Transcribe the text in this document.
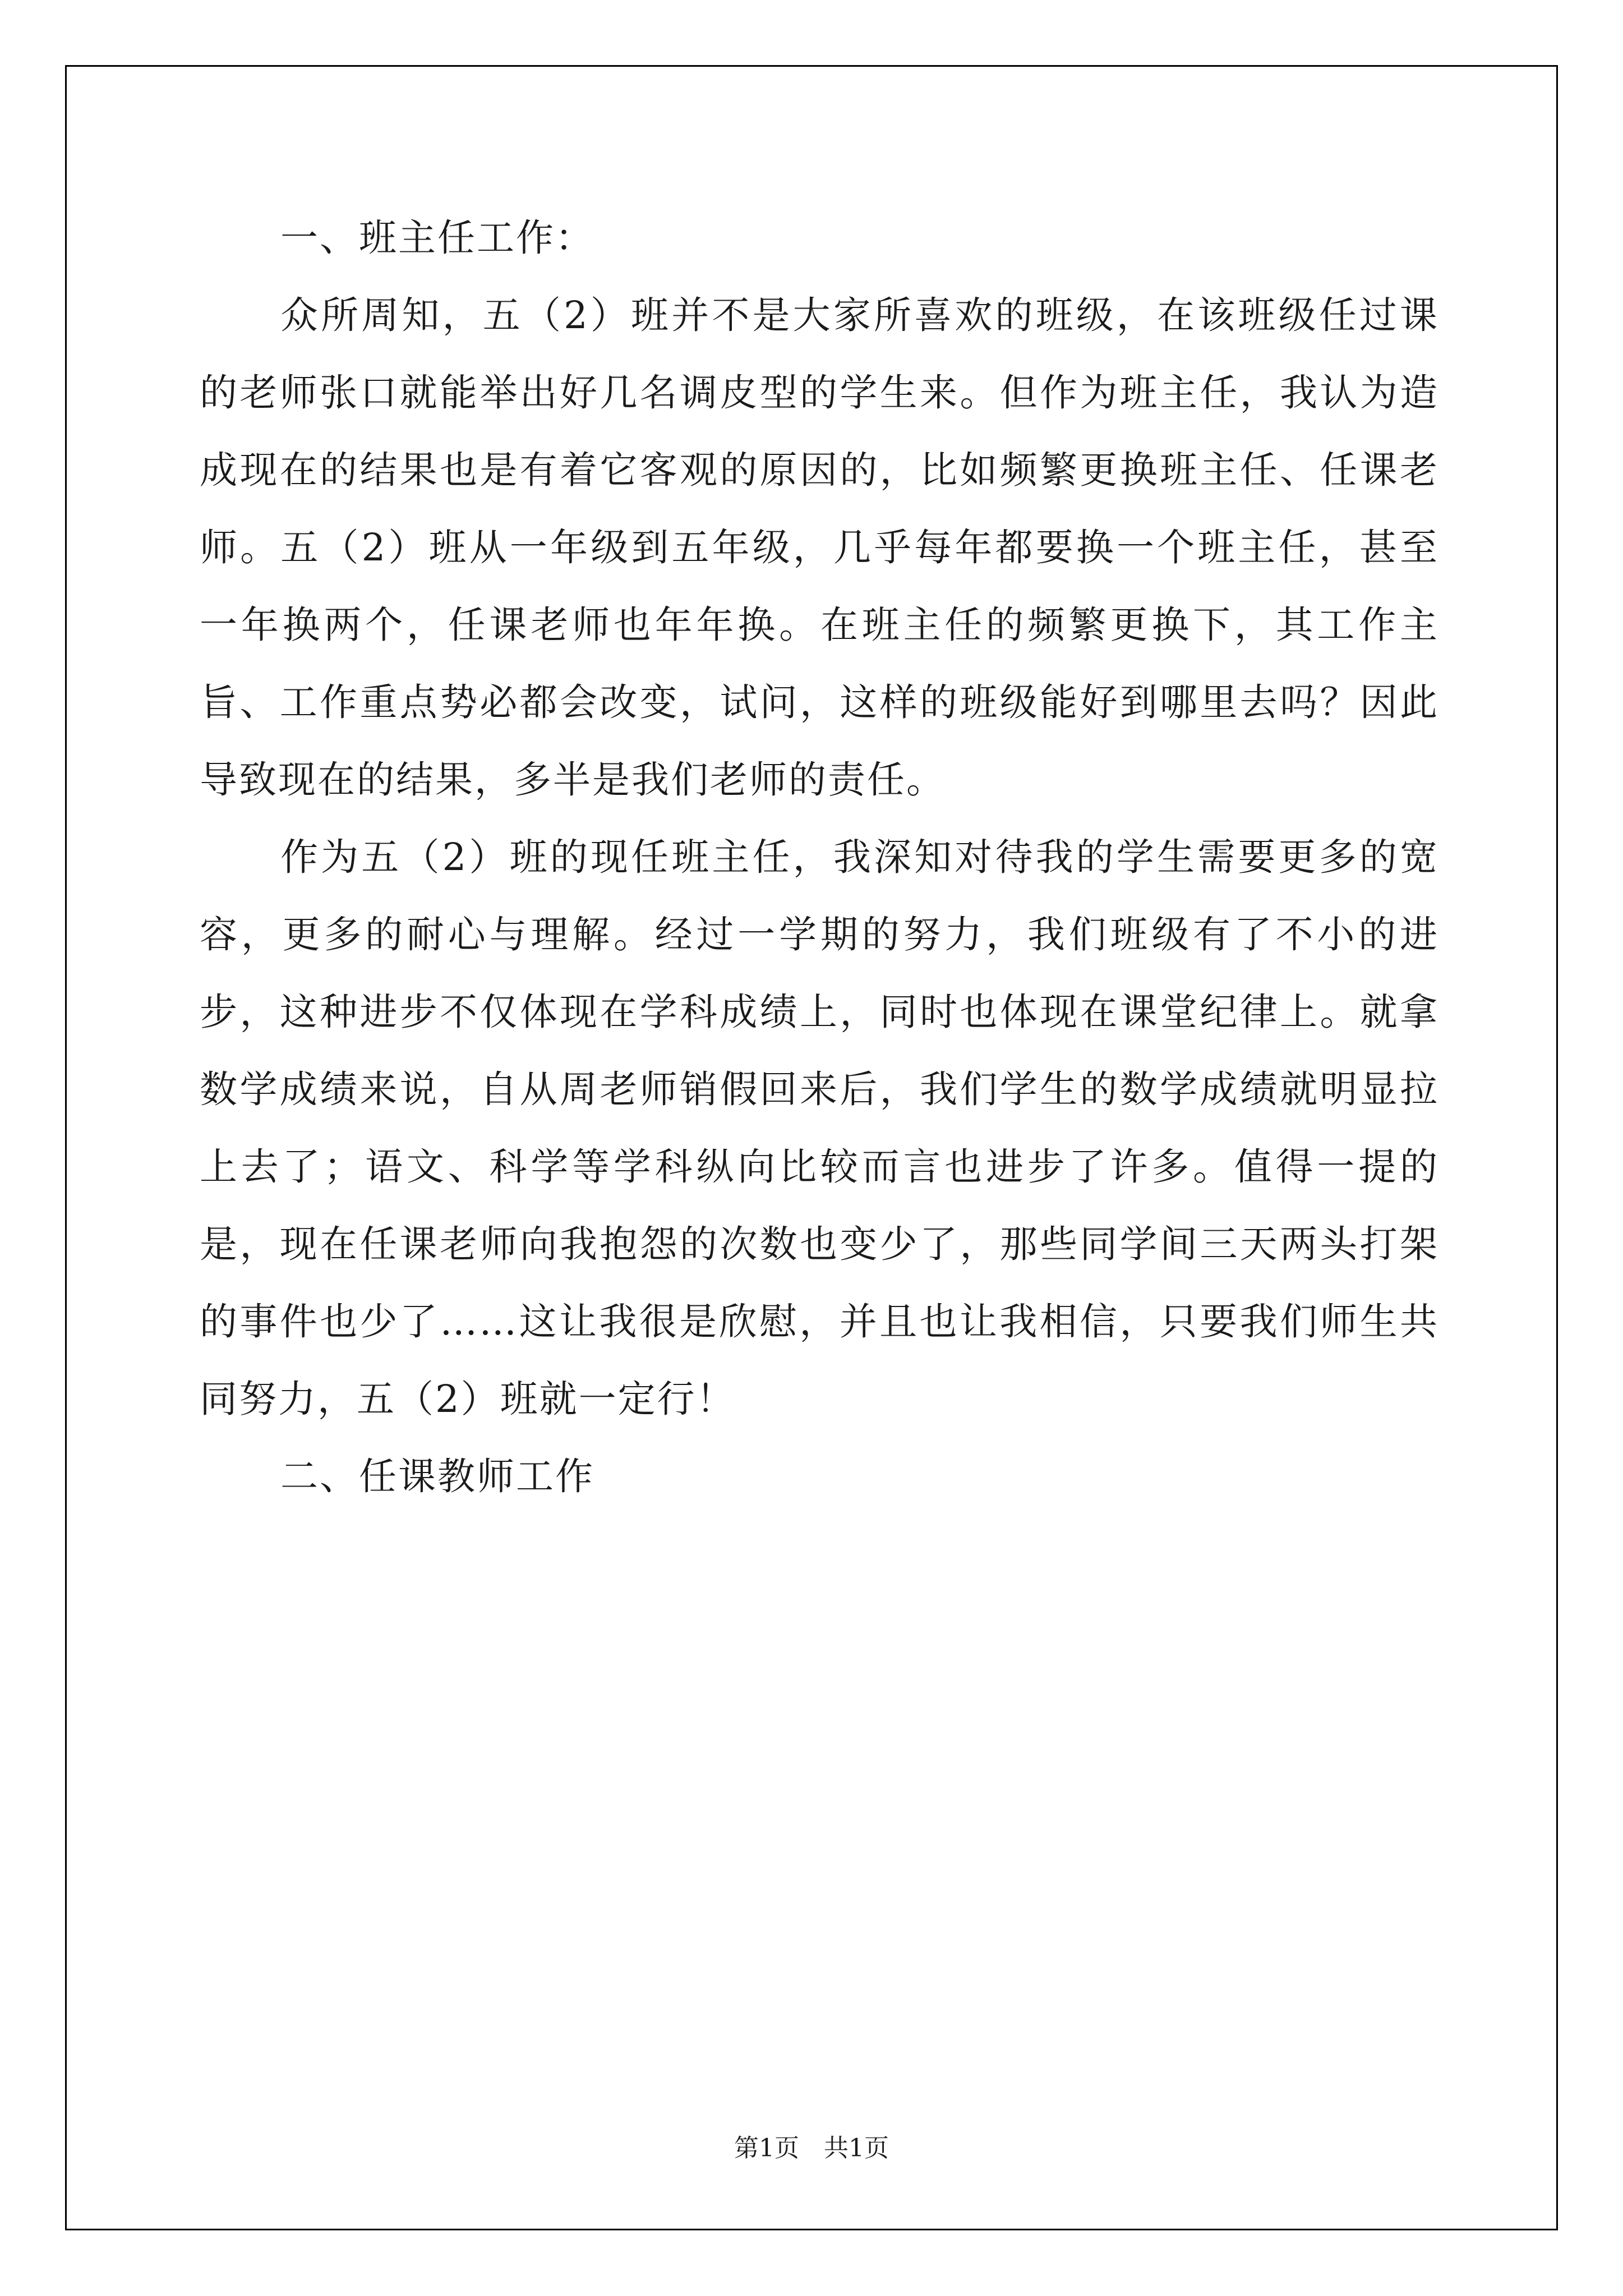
一、班主任工作：

众所周知，五（2）班并不是大家所喜欢的班级，在该班级任过课的老师张口就能举出好几名调皮型的学生来。但作为班主任，我认为造成现在的结果也是有着它客观的原因的，比如频繁更换班主任、任课老师。五（2）班从一年级到五年级，几乎每年都要换一个班主任，甚至一年换两个，任课老师也年年换。在班主任的频繁更换下，其工作主旨、工作重点势必都会改变，试问，这样的班级能好到哪里去吗？因此导致现在的结果，多半是我们老师的责任。

作为五（2）班的现任班主任，我深知对待我的学生需要更多的宽容，更多的耐心与理解。经过一学期的努力，我们班级有了不小的进步，这种进步不仅体现在学科成绩上，同时也体现在课堂纪律上。就拿数学成绩来说，自从周老师销假回来后，我们学生的数学成绩就明显拉上去了；语文、科学等学科纵向比较而言也进步了许多。值得一提的是，现在任课老师向我抱怨的次数也变少了，那些同学间三天两头打架的事件也少了……这让我很是欣慰，并且也让我相信，只要我们师生共同努力，五（2）班就一定行！

二、任课教师工作

第1页 共1页
